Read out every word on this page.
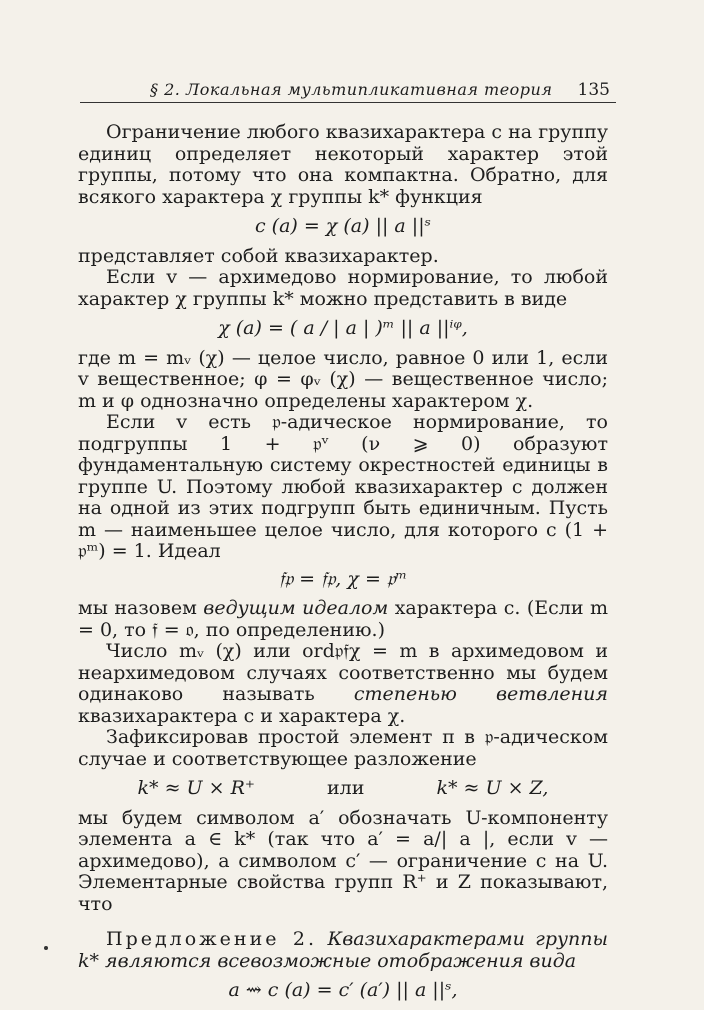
§ 2. Локальная мультипликативная теория 135

Ограничение любого квазихарактера c на группу единиц определяет некоторый характер этой группы, потому что она компактна. Обратно, для всякого характера χ группы k* функция

c (a) = χ (a) || a ||ˢ

представляет собой квазихарактер.

Если v — архимедово нормирование, то любой характер χ группы k* можно представить в виде

χ (a) = ( a / | a | )ᵐ || a ||ⁱᵠ,

где m = mᵥ (χ) — целое число, равное 0 или 1, если v вещественное; φ = φᵥ (χ) — вещественное число; m и φ однозначно определены характером χ.

Если v есть 𝔭-адическое нормирование, то подгруппы 1 + 𝔭ᵛ (ν ⩾ 0) образуют фундаментальную систему окрестностей единицы в группе U. Поэтому любой квазихарактер c должен на одной из этих подгрупп быть единичным. Пусть m — наименьшее целое число, для которого c (1 + 𝔭ᵐ) = 1. Идеал

𝔣𝔭 = 𝔣𝔭, χ = 𝔭ᵐ

мы назовем ведущим идеалом характера c. (Если m = 0, то 𝔣 = 𝔬, по определению.)

Число mᵥ (χ) или ord𝔭𝔣χ = m в архимедовом и неархимедовом случаях соответственно мы будем одинаково называть степенью ветвления квазихарактера c и характера χ.

Зафиксировав простой элемент π в 𝔭-адическом случае и соответствующее разложение

k* ≈ U × R⁺	или	k* ≈ U × Z,

мы будем символом a′ обозначать U-компоненту элемента a ∈ k* (так что a′ = a/| a |, если v — архимедово), а символом c′ — ограничение c на U. Элементарные свойства групп R⁺ и Z показывают, что

Предложение 2. Квазихарактерами группы k* являются всевозможные отображения вида

a ⇝ c (a) = c′ (a′) || a ||ˢ,
